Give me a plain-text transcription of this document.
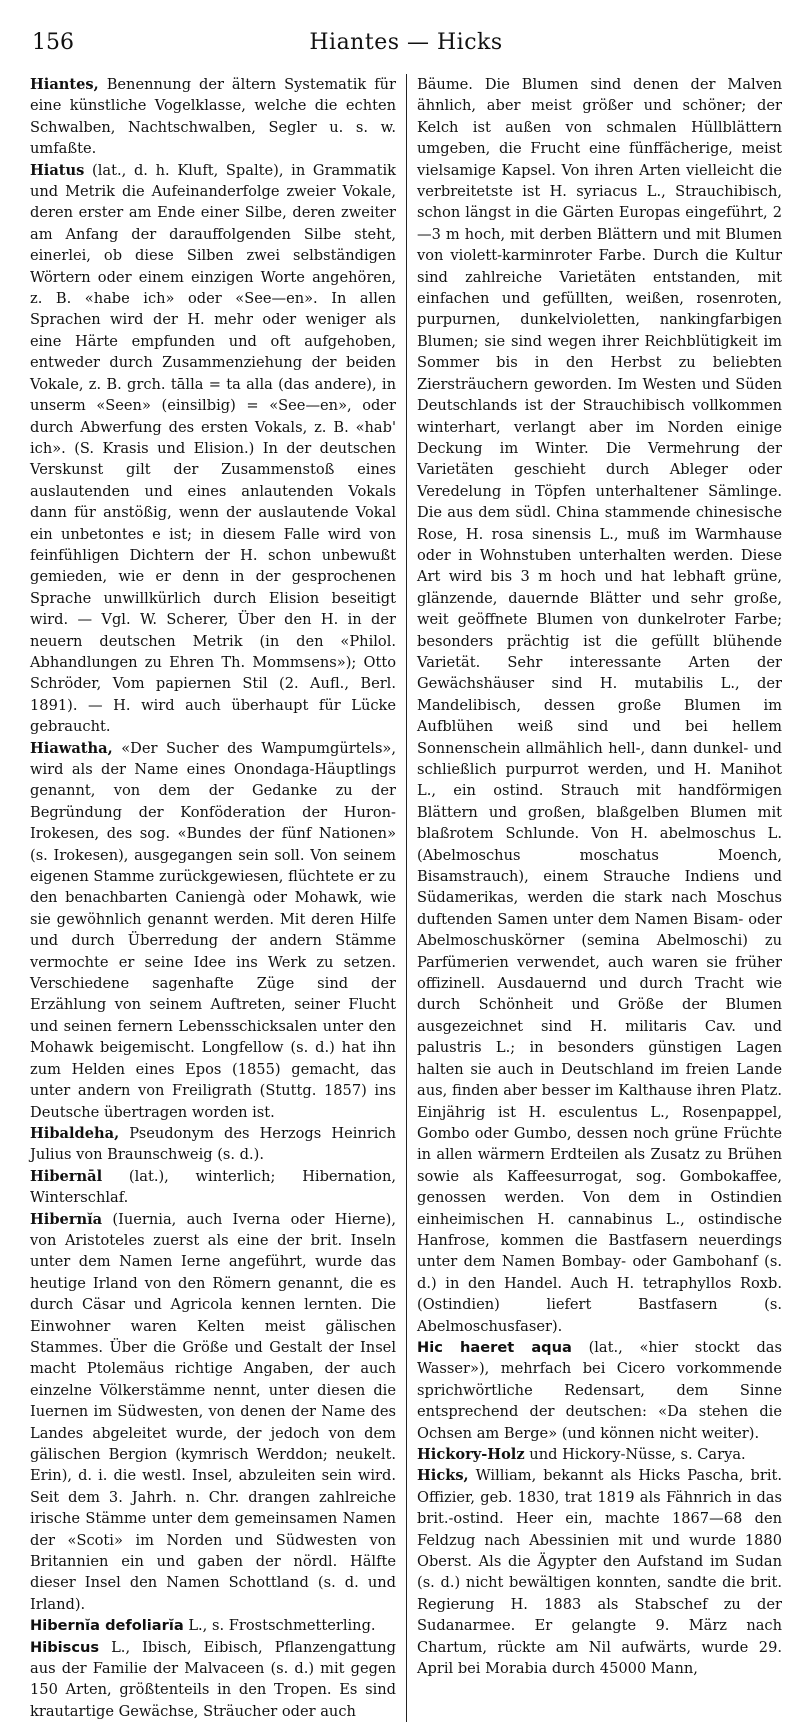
156	Hiantes — Hicks

Hiantes, Benennung der ältern Systematik für eine künstliche Vogelklasse, welche die echten Schwalben, Nachtschwalben, Segler u. s. w. umfaßte.

Hiatus (lat., d. h. Kluft, Spalte), in Grammatik und Metrik die Aufeinanderfolge zweier Vokale, deren erster am Ende einer Silbe, deren zweiter am Anfang der darauffolgenden Silbe steht, einerlei, ob diese Silben zwei selbständigen Wörtern oder einem einzigen Worte angehören, z. B. «habe ich» oder «See—en». In allen Sprachen wird der H. mehr oder weniger als eine Härte empfunden und oft aufgehoben, entweder durch Zusammenziehung der beiden Vokale, z. B. grch. tālla = ta alla (das andere), in unserm «Seen» (einsilbig) = «See—en», oder durch Abwerfung des ersten Vokals, z. B. «hab' ich». (S. Krasis und Elision.) In der deutschen Verskunst gilt der Zusammenstoß eines auslautenden und eines anlautenden Vokals dann für anstößig, wenn der auslautende Vokal ein unbetontes e ist; in diesem Falle wird von feinfühligen Dichtern der H. schon unbewußt gemieden, wie er denn in der gesprochenen Sprache unwillkürlich durch Elision beseitigt wird. — Vgl. W. Scherer, Über den H. in der neuern deutschen Metrik (in den «Philol. Abhandlungen zu Ehren Th. Mommsens»); Otto Schröder, Vom papiernen Stil (2. Aufl., Berl. 1891). — H. wird auch überhaupt für Lücke gebraucht.

Hiawatha, «Der Sucher des Wampumgürtels», wird als der Name eines Onondaga-Häuptlings genannt, von dem der Gedanke zu der Begründung der Konföderation der Huron-Irokesen, des sog. «Bundes der fünf Nationen» (s. Irokesen), ausgegangen sein soll. Von seinem eigenen Stamme zurückgewiesen, flüchtete er zu den benachbarten Caniengà oder Mohawk, wie sie gewöhnlich genannt werden. Mit deren Hilfe und durch Überredung der andern Stämme vermochte er seine Idee ins Werk zu setzen. Verschiedene sagenhafte Züge sind der Erzählung von seinem Auftreten, seiner Flucht und seinen fernern Lebensschicksalen unter den Mohawk beigemischt. Longfellow (s. d.) hat ihn zum Helden eines Epos (1855) gemacht, das unter andern von Freiligrath (Stuttg. 1857) ins Deutsche übertragen worden ist.

Hibaldeha, Pseudonym des Herzogs Heinrich Julius von Braunschweig (s. d.).

Hibernāl (lat.), winterlich; Hibernation, Winterschlaf.

Hibernĭa (Iuernia, auch Iverna oder Hierne), von Aristoteles zuerst als eine der brit. Inseln unter dem Namen Ierne angeführt, wurde das heutige Irland von den Römern genannt, die es durch Cäsar und Agricola kennen lernten. Die Einwohner waren Kelten meist gälischen Stammes. Über die Größe und Gestalt der Insel macht Ptolemäus richtige Angaben, der auch einzelne Völkerstämme nennt, unter diesen die Iuernen im Südwesten, von denen der Name des Landes abgeleitet wurde, der jedoch von dem gälischen Bergion (kymrisch Werddon; neukelt. Erin), d. i. die westl. Insel, abzuleiten sein wird. Seit dem 3. Jahrh. n. Chr. drangen zahlreiche irische Stämme unter dem gemeinsamen Namen der «Scoti» im Norden und Südwesten von Britannien ein und gaben der nördl. Hälfte dieser Insel den Namen Schottland (s. d. und Irland).

Hibernĭa defoliarĭa L., s. Frostschmetterling.

Hibiscus L., Ibisch, Eibisch, Pflanzengattung aus der Familie der Malvaceen (s. d.) mit gegen 150 Arten, größtenteils in den Tropen. Es sind krautartige Gewächse, Sträucher oder auch

Bäume. Die Blumen sind denen der Malven ähnlich, aber meist größer und schöner; der Kelch ist außen von schmalen Hüllblättern umgeben, die Frucht eine fünffächerige, meist vielsamige Kapsel. Von ihren Arten vielleicht die verbreitetste ist H. syriacus L., Strauchibisch, schon längst in die Gärten Europas eingeführt, 2—3 m hoch, mit derben Blättern und mit Blumen von violett-karminroter Farbe. Durch die Kultur sind zahlreiche Varietäten entstanden, mit einfachen und gefüllten, weißen, rosenroten, purpurnen, dunkelvioletten, nankingfarbigen Blumen; sie sind wegen ihrer Reichblütigkeit im Sommer bis in den Herbst zu beliebten Ziersträuchern geworden. Im Westen und Süden Deutschlands ist der Strauchibisch vollkommen winterhart, verlangt aber im Norden einige Deckung im Winter. Die Vermehrung der Varietäten geschieht durch Ableger oder Veredelung in Töpfen unterhaltener Sämlinge. Die aus dem südl. China stammende chinesische Rose, H. rosa sinensis L., muß im Warmhause oder in Wohnstuben unterhalten werden. Diese Art wird bis 3 m hoch und hat lebhaft grüne, glänzende, dauernde Blätter und sehr große, weit geöffnete Blumen von dunkelroter Farbe; besonders prächtig ist die gefüllt blühende Varietät. Sehr interessante Arten der Gewächshäuser sind H. mutabilis L., der Mandelibisch, dessen große Blumen im Aufblühen weiß sind und bei hellem Sonnenschein allmählich hell-, dann dunkel- und schließlich purpurrot werden, und H. Manihot L., ein ostind. Strauch mit handförmigen Blättern und großen, blaßgelben Blumen mit blaßrotem Schlunde. Von H. abelmoschus L. (Abelmoschus moschatus Moench, Bisamstrauch), einem Strauche Indiens und Südamerikas, werden die stark nach Moschus duftenden Samen unter dem Namen Bisam- oder Abelmoschuskörner (semina Abelmoschi) zu Parfümerien verwendet, auch waren sie früher offizinell. Ausdauernd und durch Tracht wie durch Schönheit und Größe der Blumen ausgezeichnet sind H. militaris Cav. und palustris L.; in besonders günstigen Lagen halten sie auch in Deutschland im freien Lande aus, finden aber besser im Kalthause ihren Platz. Einjährig ist H. esculentus L., Rosenpappel, Gombo oder Gumbo, dessen noch grüne Früchte in allen wärmern Erdteilen als Zusatz zu Brühen sowie als Kaffeesurrogat, sog. Gombokaffee, genossen werden. Von dem in Ostindien einheimischen H. cannabinus L., ostindische Hanfrose, kommen die Bastfasern neuerdings unter dem Namen Bombay- oder Gambohanf (s. d.) in den Handel. Auch H. tetraphyllos Roxb. (Ostindien) liefert Bastfasern (s. Abelmoschusfaser).

Hic haeret aqua (lat., «hier stockt das Wasser»), mehrfach bei Cicero vorkommende sprichwörtliche Redensart, dem Sinne entsprechend der deutschen: «Da stehen die Ochsen am Berge» (und können nicht weiter).

Hickory-Holz und Hickory-Nüsse, s. Carya.

Hicks, William, bekannt als Hicks Pascha, brit. Offizier, geb. 1830, trat 1819 als Fähnrich in das brit.-ostind. Heer ein, machte 1867—68 den Feldzug nach Abessinien mit und wurde 1880 Oberst. Als die Ägypter den Aufstand im Sudan (s. d.) nicht bewältigen konnten, sandte die brit. Regierung H. 1883 als Stabschef zu der Sudanarmee. Er gelangte 9. März nach Chartum, rückte am Nil aufwärts, wurde 29. April bei Morabia durch 45000 Mann,
